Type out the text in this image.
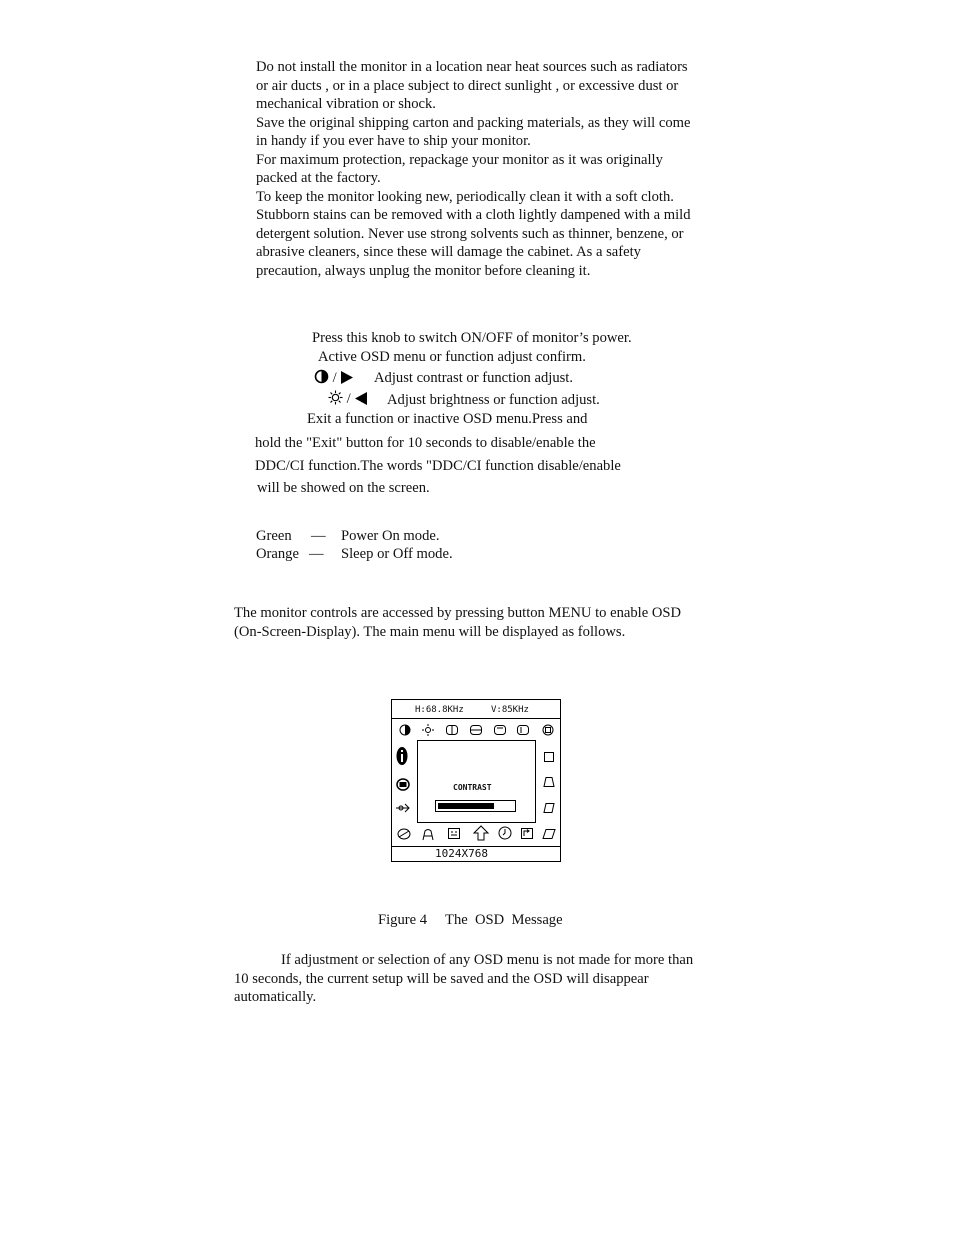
Do not install the monitor in a location near heat sources such as radiators
or air ducts , or in a place subject to direct sunlight , or excessive dust or
mechanical vibration or shock.
Save the original shipping carton and packing materials, as they will come
in handy if you ever have to ship your monitor.
For maximum protection, repackage your monitor as it was originally
packed at the factory.
To keep the monitor looking new, periodically clean it with a soft cloth.
Stubborn stains can be removed with a cloth lightly dampened with a mild
detergent solution. Never use strong solvents such as thinner, benzene, or
abrasive cleaners, since these will damage the cabinet. As a safety
precaution, always unplug the monitor before cleaning it.
Press this knob to switch ON/OFF of monitor’s power.
Active OSD menu or function adjust confirm.
/	Adjust contrast or function adjust.
/	Adjust brightness or function adjust.
Exit a function or inactive OSD menu.Press and
hold the "Exit" button for 10 seconds to disable/enable the
DDC/CI function.The words "DDC/CI function disable/enable
will be showed on the screen.
Green — Power On mode.
Orange — Sleep or Off mode.
The monitor controls are accessed by pressing button MENU to enable OSD
(On-Screen-Display). The main menu will be displayed as follows.
H:68.8KHz	V:85KHz
CONTRAST
1024X768
Figure 4     The  OSD  Message
If adjustment or selection of any OSD menu is not made for more than
10 seconds, the current setup will be saved and the OSD will disappear
automatically.
